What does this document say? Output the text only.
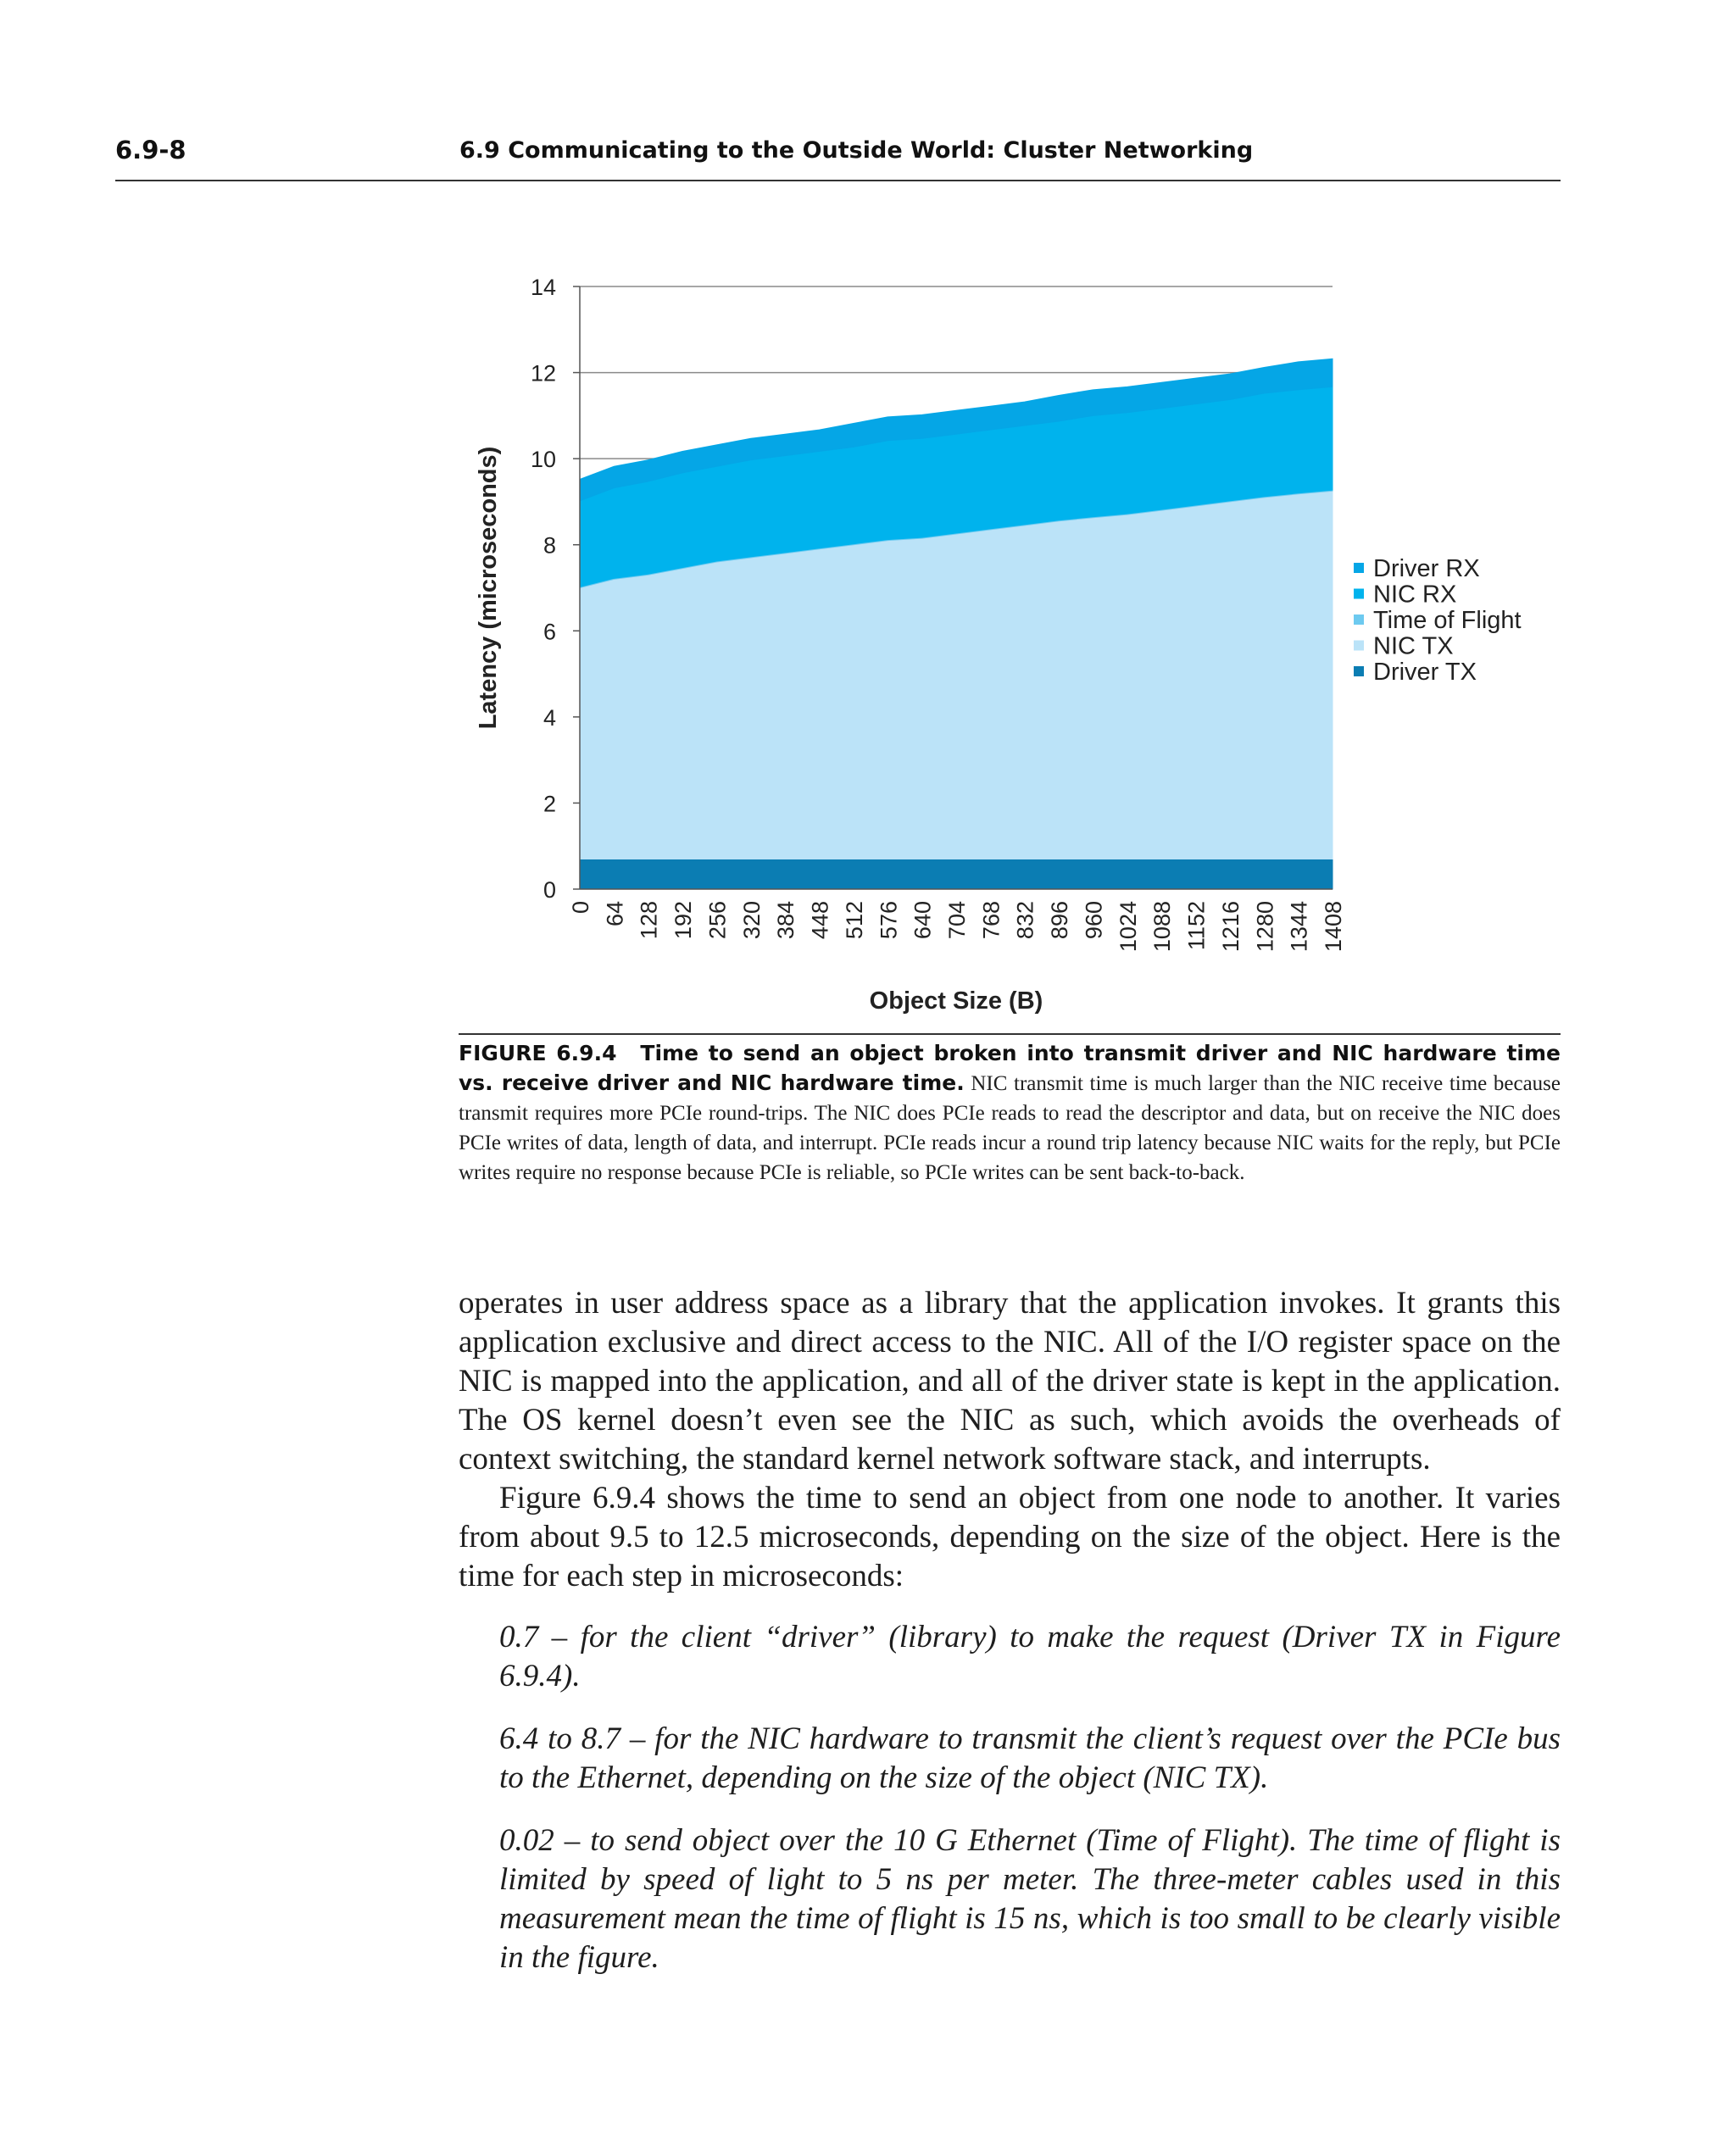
6.9-8	6.9 Communicating to the Outside World: Cluster Networking
0
2
4
6
8
10
12
14
0 64 128 192 256 320 384 448 512 576 640 704 768 832 896 960 1024 1088 1152 1216 1280 1344 1408
Object Size (B)
Latency (microseconds)	Driver RX
NIC RX
Time of Flight
NIC TX
Driver TX
FIGURE 6.9.4 Time to send an object broken into transmit driver and NIC hardware time vs. receive driver and NIC hardware time. NIC transmit time is much larger than the NIC receive time because transmit requires more PCIe round-trips. The NIC does PCIe reads to read the descriptor and data, but on receive the NIC does PCIe writes of data, length of data, and interrupt. PCIe reads incur a round trip latency because NIC waits for the reply, but PCIe writes require no response because PCIe is reliable, so PCIe writes can be sent back-to-back.

operates in user address space as a library that the application invokes. It grants this application exclusive and direct access to the NIC. All of the I/O register space on the NIC is mapped into the application, and all of the driver state is kept in the application. The OS kernel doesn’t even see the NIC as such, which avoids the overheads of context switching, the standard kernel network software stack, and interrupts.

Figure 6.9.4 shows the time to send an object from one node to another. It varies from about 9.5 to 12.5 microseconds, depending on the size of the object. Here is the time for each step in microseconds:

0.7 – for the client “driver” (library) to make the request (Driver TX in Figure 6.9.4).

6.4 to 8.7 – for the NIC hardware to transmit the client’s request over the PCIe bus to the Ethernet, depending on the size of the object (NIC TX).

0.02 – to send object over the 10 G Ethernet (Time of Flight). The time of flight is limited by speed of light to 5 ns per meter. The three-meter cables used in this measurement mean the time of flight is 15 ns, which is too small to be clearly visible in the figure.
